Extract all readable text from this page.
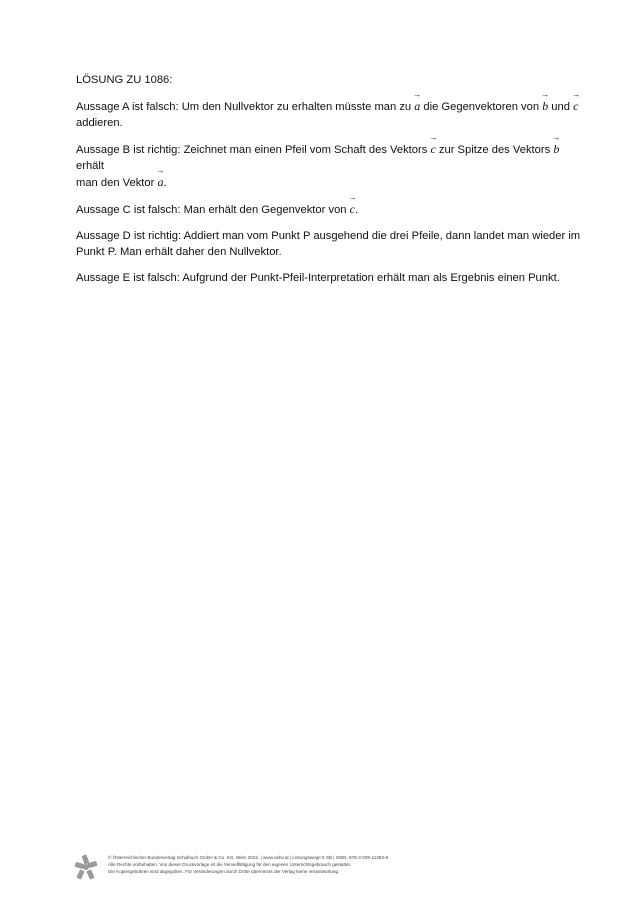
LÖSUNG ZU 1086:

Aussage A ist falsch: Um den Nullvektor zu erhalten müsste man zu
→
a die Gegenvektoren von
→
b und
→
c
addieren.

Aussage B ist richtig: Zeichnet man einen Pfeil vom Schaft des Vektors
→
c zur Spitze des Vektors
→
b erhält
man den Vektor
→
a.

Aussage C ist falsch: Man erhält den Gegenvektor von
→
c.

Aussage D ist richtig: Addiert man vom Punkt P ausgehend die drei Pfeile, dann landet man wieder im
Punkt P. Man erhält daher den Nullvektor.

Aussage E ist falsch: Aufgrund der Punkt-Pfeil-Interpretation erhält man als Ergebnis einen Punkt.

© Österreichischer Bundesverlag Schulbuch GmbH & Co. KG, Wien 2022. | www.oebv.at | Lösungswege 5 SB | ISBN: 978-3-209-11493-8
Alle Rechte vorbehalten. Von dieser Druckvorlage ist die Vervielfältigung für den eigenen Unterrichtsgebrauch gestattet.
Die Kopiergebühren sind abgegolten. Für Veränderungen durch Dritte übernimmt der Verlag keine Verantwortung.
